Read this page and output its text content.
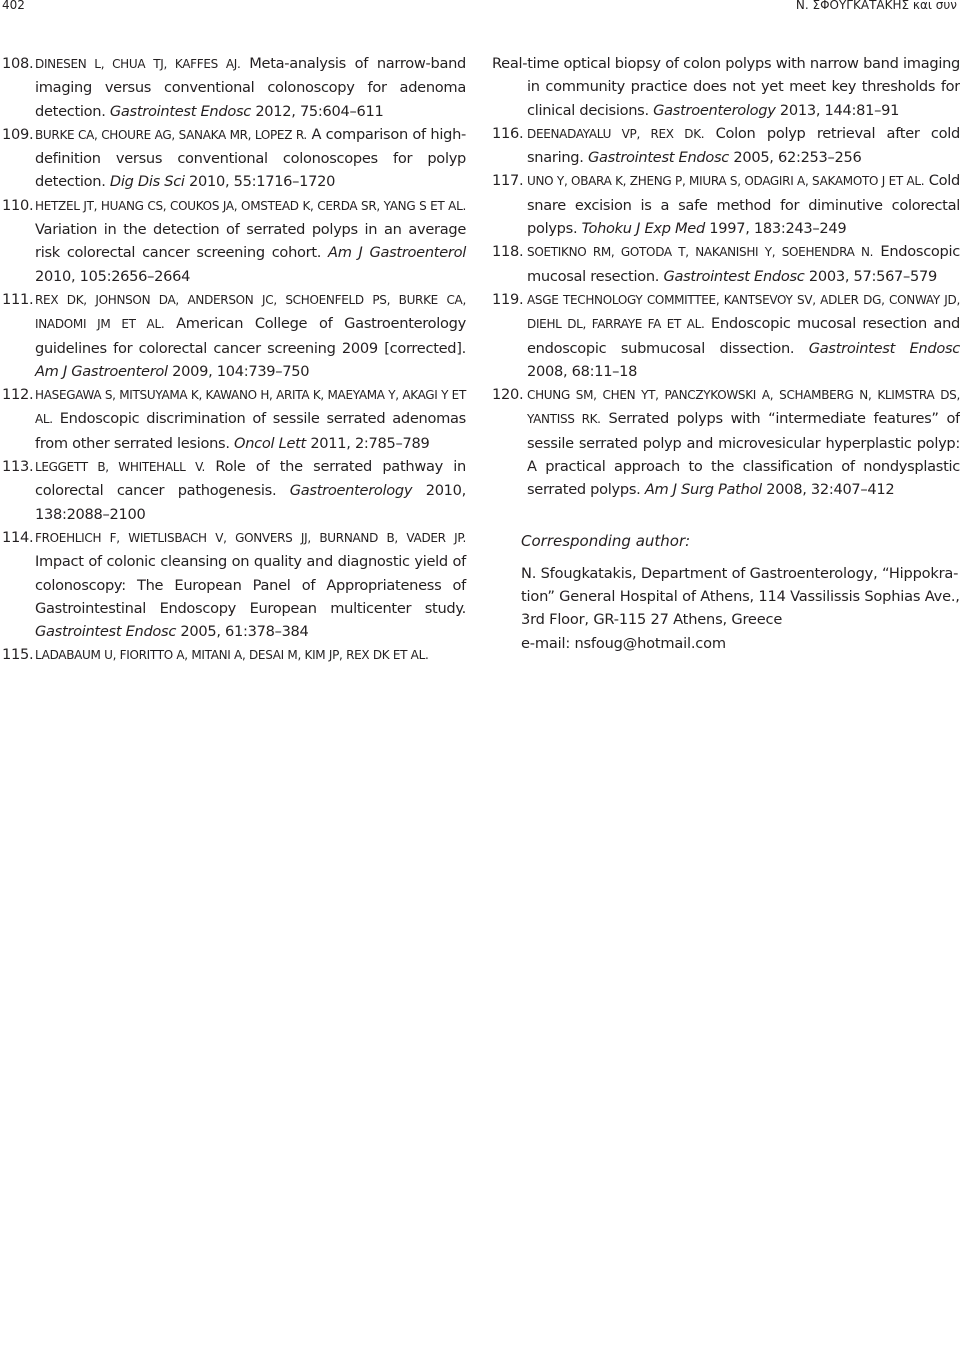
402	Ν. ΣΦΟΥΓΚΑΤΑΚΗΣ και συν
108. DINESEN L, CHUA TJ, KAFFES AJ. Meta-analysis of narrow-band imaging versus conventional colonoscopy for adenoma detection. Gastrointest Endosc 2012, 75:604–611
109. BURKE CA, CHOURE AG, SANAKA MR, LOPEZ R. A comparison of high-definition versus conventional colonoscopes for polyp detection. Dig Dis Sci 2010, 55:1716–1720
110. HETZEL JT, HUANG CS, COUKOS JA, OMSTEAD K, CERDA SR, YANG S ET AL. Variation in the detection of serrated polyps in an average risk colorectal cancer screening cohort. Am J Gastroenterol 2010, 105:2656–2664
111. REX DK, JOHNSON DA, ANDERSON JC, SCHOENFELD PS, BURKE CA, INADOMI JM ET AL. American College of Gastroenterology guidelines for colorectal cancer screening 2009 [corrected]. Am J Gastroenterol 2009, 104:739–750
112. HASEGAWA S, MITSUYAMA K, KAWANO H, ARITA K, MAEYAMA Y, AKAGI Y ET AL. Endoscopic discrimination of sessile serrated adenomas from other serrated lesions. Oncol Lett 2011, 2:785–789
113. LEGGETT B, WHITEHALL V. Role of the serrated pathway in colorectal cancer pathogenesis. Gastroenterology 2010, 138:2088–2100
114. FROEHLICH F, WIETLISBACH V, GONVERS JJ, BURNAND B, VADER JP. Impact of colonic cleansing on quality and diagnostic yield of colonoscopy: The European Panel of Appropriateness of Gastrointestinal Endoscopy European multicenter study. Gastrointest Endosc 2005, 61:378–384
115. LADABAUM U, FIORITTO A, MITANI A, DESAI M, KIM JP, REX DK ET AL.
Real-time optical biopsy of colon polyps with narrow band imaging in community practice does not yet meet key thresholds for clinical decisions. Gastroenterology 2013, 144:81–91
116. DEENADAYALU VP, REX DK. Colon polyp retrieval after cold snaring. Gastrointest Endosc 2005, 62:253–256
117. UNO Y, OBARA K, ZHENG P, MIURA S, ODAGIRI A, SAKAMOTO J ET AL. Cold snare excision is a safe method for diminutive colorectal polyps. Tohoku J Exp Med 1997, 183:243–249
118. SOETIKNO RM, GOTODA T, NAKANISHI Y, SOEHENDRA N. Endoscopic mucosal resection. Gastrointest Endosc 2003, 57:567–579
119. ASGE TECHNOLOGY COMMITTEE, KANTSEVOY SV, ADLER DG, CONWAY JD, DIEHL DL, FARRAYE FA ET AL. Endoscopic mucosal resection and endoscopic submucosal dissection. Gastrointest Endosc 2008, 68:11–18
120. CHUNG SM, CHEN YT, PANCZYKOWSKI A, SCHAMBERG N, KLIMSTRA DS, YANTISS RK. Serrated polyps with “intermediate features” of sessile serrated polyp and microvesicular hyperplastic polyp: A practical approach to the classification of nondysplastic serrated polyps. Am J Surg Pathol 2008, 32:407–412
Corresponding author:
N. Sfougkatakis, Department of Gastroenterology, “Hippokra-
tion” General Hospital of Athens, 114 Vassilissis Sophias Ave.,
3rd Floor, GR-115 27 Athens, Greece
e-mail: nsfoug@hotmail.com
